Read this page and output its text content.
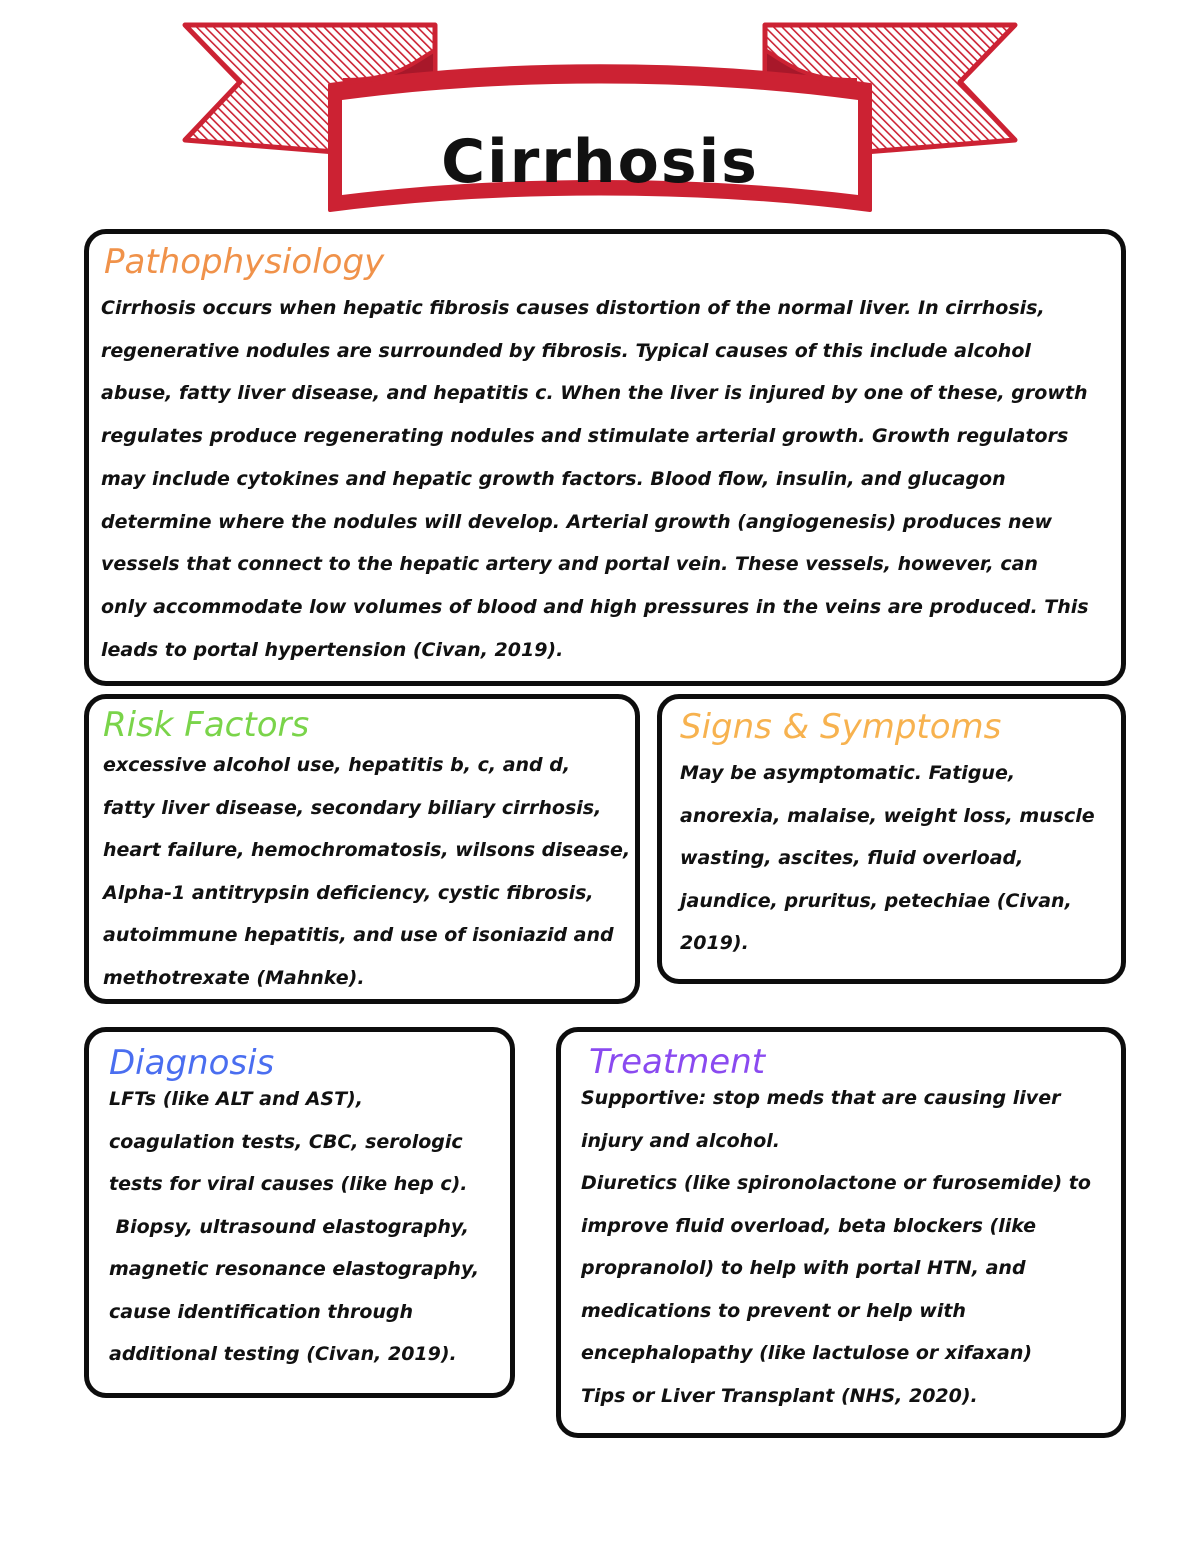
Cirrhosis
Pathophysiology
Cirrhosis occurs when hepatic fibrosis causes distortion of the normal liver. In cirrhosis,
regenerative nodules are surrounded by fibrosis. Typical causes of this include alcohol
abuse, fatty liver disease, and hepatitis c. When the liver is injured by one of these, growth
regulates produce regenerating nodules and stimulate arterial growth. Growth regulators
may include cytokines and hepatic growth factors. Blood flow, insulin, and glucagon
determine where the nodules will develop. Arterial growth (angiogenesis) produces new
vessels that connect to the hepatic artery and portal vein. These vessels, however, can
only accommodate low volumes of blood and high pressures in the veins are produced. This
leads to portal hypertension (Civan, 2019).
Risk Factors
excessive alcohol use, hepatitis b, c, and d,
fatty liver disease, secondary biliary cirrhosis,
heart failure, hemochromatosis, wilsons disease,
Alpha-1 antitrypsin deficiency, cystic fibrosis,
autoimmune hepatitis, and use of isoniazid and
methotrexate (Mahnke).
Signs & Symptoms
May be asymptomatic. Fatigue,
anorexia, malaise, weight loss, muscle
wasting, ascites, fluid overload,
jaundice, pruritus, petechiae (Civan,
2019).
Diagnosis
LFTs (like ALT and AST),
coagulation tests, CBC, serologic
tests for viral causes (like hep c).
Biopsy, ultrasound elastography,
magnetic resonance elastography,
cause identification through
additional testing (Civan, 2019).
Treatment
Supportive: stop meds that are causing liver
injury and alcohol.
Diuretics (like spironolactone or furosemide) to
improve fluid overload, beta blockers (like
propranolol) to help with portal HTN, and
medications to prevent or help with
encephalopathy (like lactulose or xifaxan)
Tips or Liver Transplant (NHS, 2020).
